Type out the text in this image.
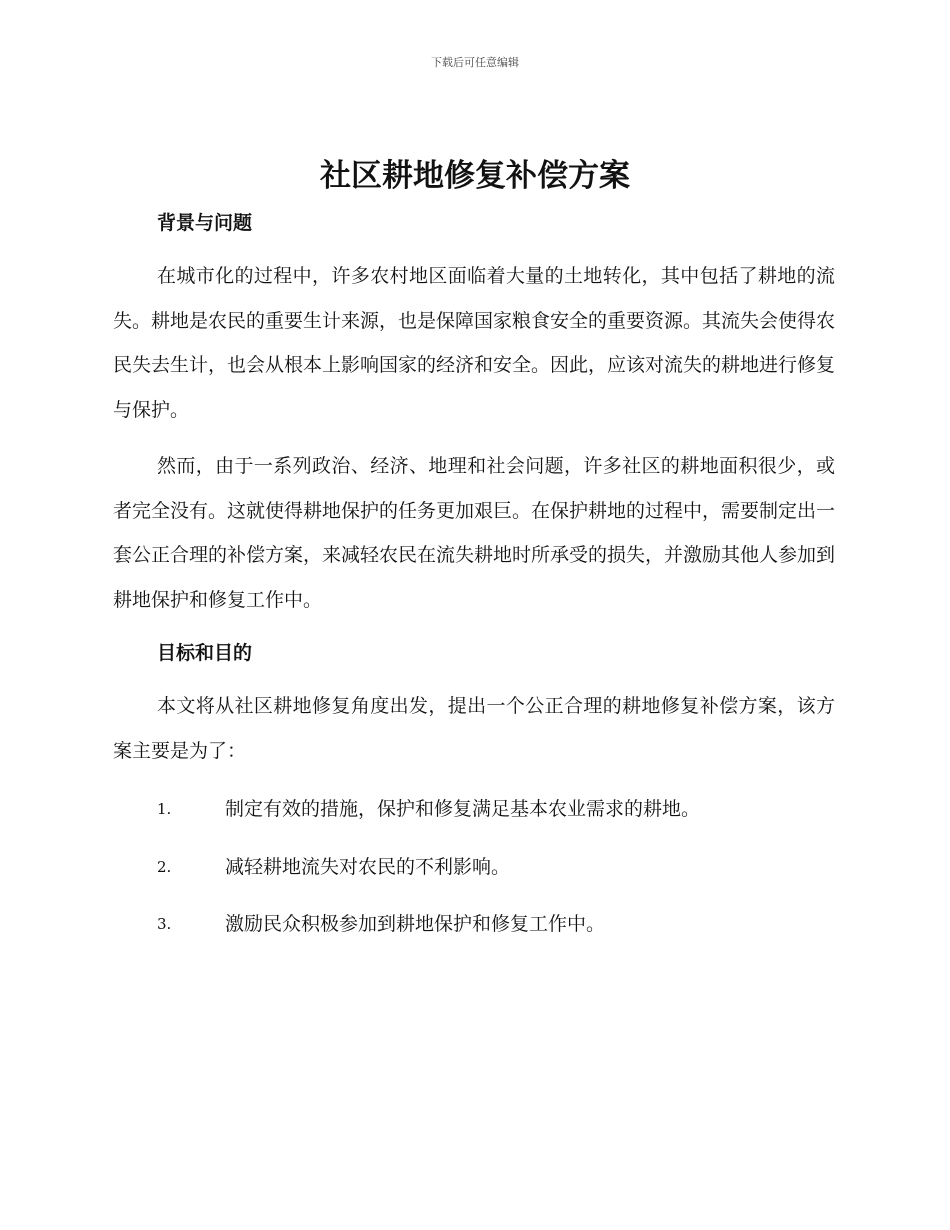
下载后可任意编辑
社区耕地修复补偿方案
背景与问题

在城市化的过程中，许多农村地区面临着大量的土地转化，其中包括了耕地的流失。耕地是农民的重要生计来源，也是保障国家粮食安全的重要资源。其流失会使得农民失去生计，也会从根本上影响国家的经济和安全。因此，应该对流失的耕地进行修复与保护。

然而，由于一系列政治、经济、地理和社会问题，许多社区的耕地面积很少，或者完全没有。这就使得耕地保护的任务更加艰巨。在保护耕地的过程中，需要制定出一套公正合理的补偿方案，来减轻农民在流失耕地时所承受的损失，并激励其他人参加到耕地保护和修复工作中。

目标和目的

本文将从社区耕地修复角度出发，提出一个公正合理的耕地修复补偿方案，该方案主要是为了：

1.	制定有效的措施，保护和修复满足基本农业需求的耕地。
2.	减轻耕地流失对农民的不利影响。
3.	激励民众积极参加到耕地保护和修复工作中。
